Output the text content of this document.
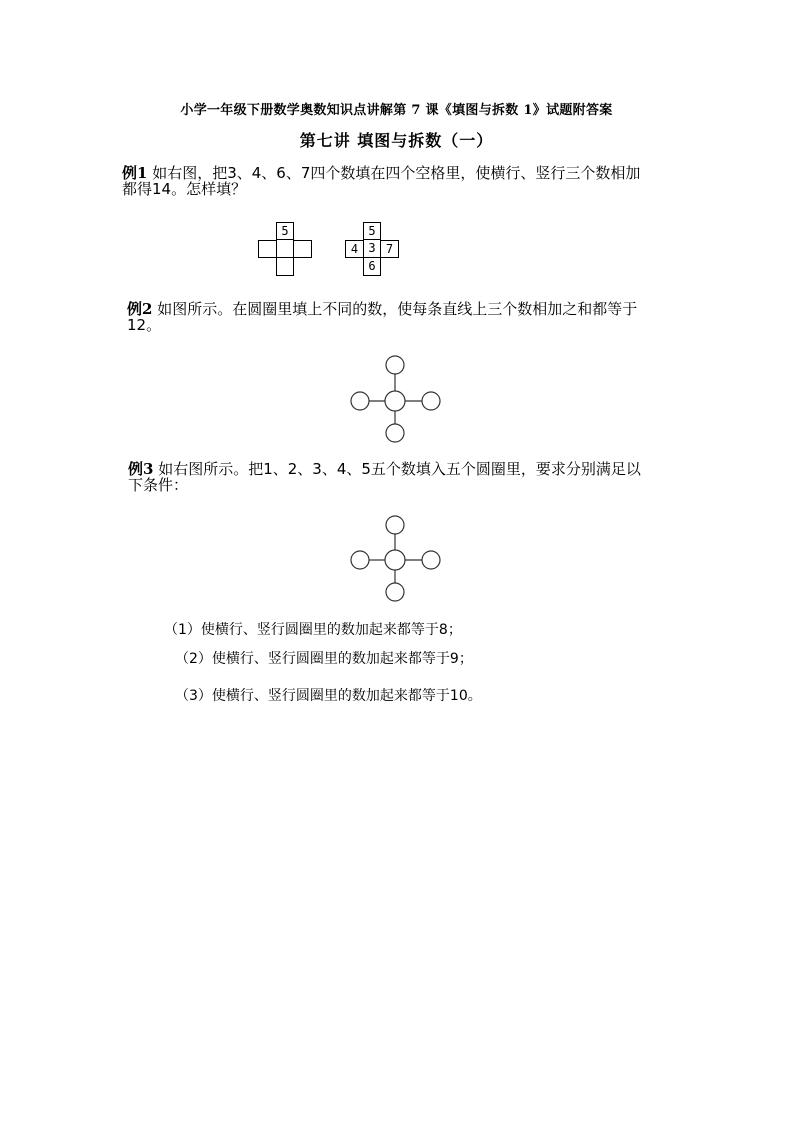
小学一年级下册数学奥数知识点讲解第 7 课《填图与拆数 1》试题附答案
第七讲 填图与拆数（一）
例1 如右图，把3、4、6、7四个数填在四个空格里，使横行、竖行三个数相加
都得14。怎样填？
5	5
4 3 7
6
例2 如图所示。在圆圈里填上不同的数，使每条直线上三个数相加之和都等于
12。
例3 如右图所示。把1、2、3、4、5五个数填入五个圆圈里，要求分别满足以
下条件：
（1）使横行、竖行圆圈里的数加起来都等于8；
（2）使横行、竖行圆圈里的数加起来都等于9；
（3）使横行、竖行圆圈里的数加起来都等于10。
